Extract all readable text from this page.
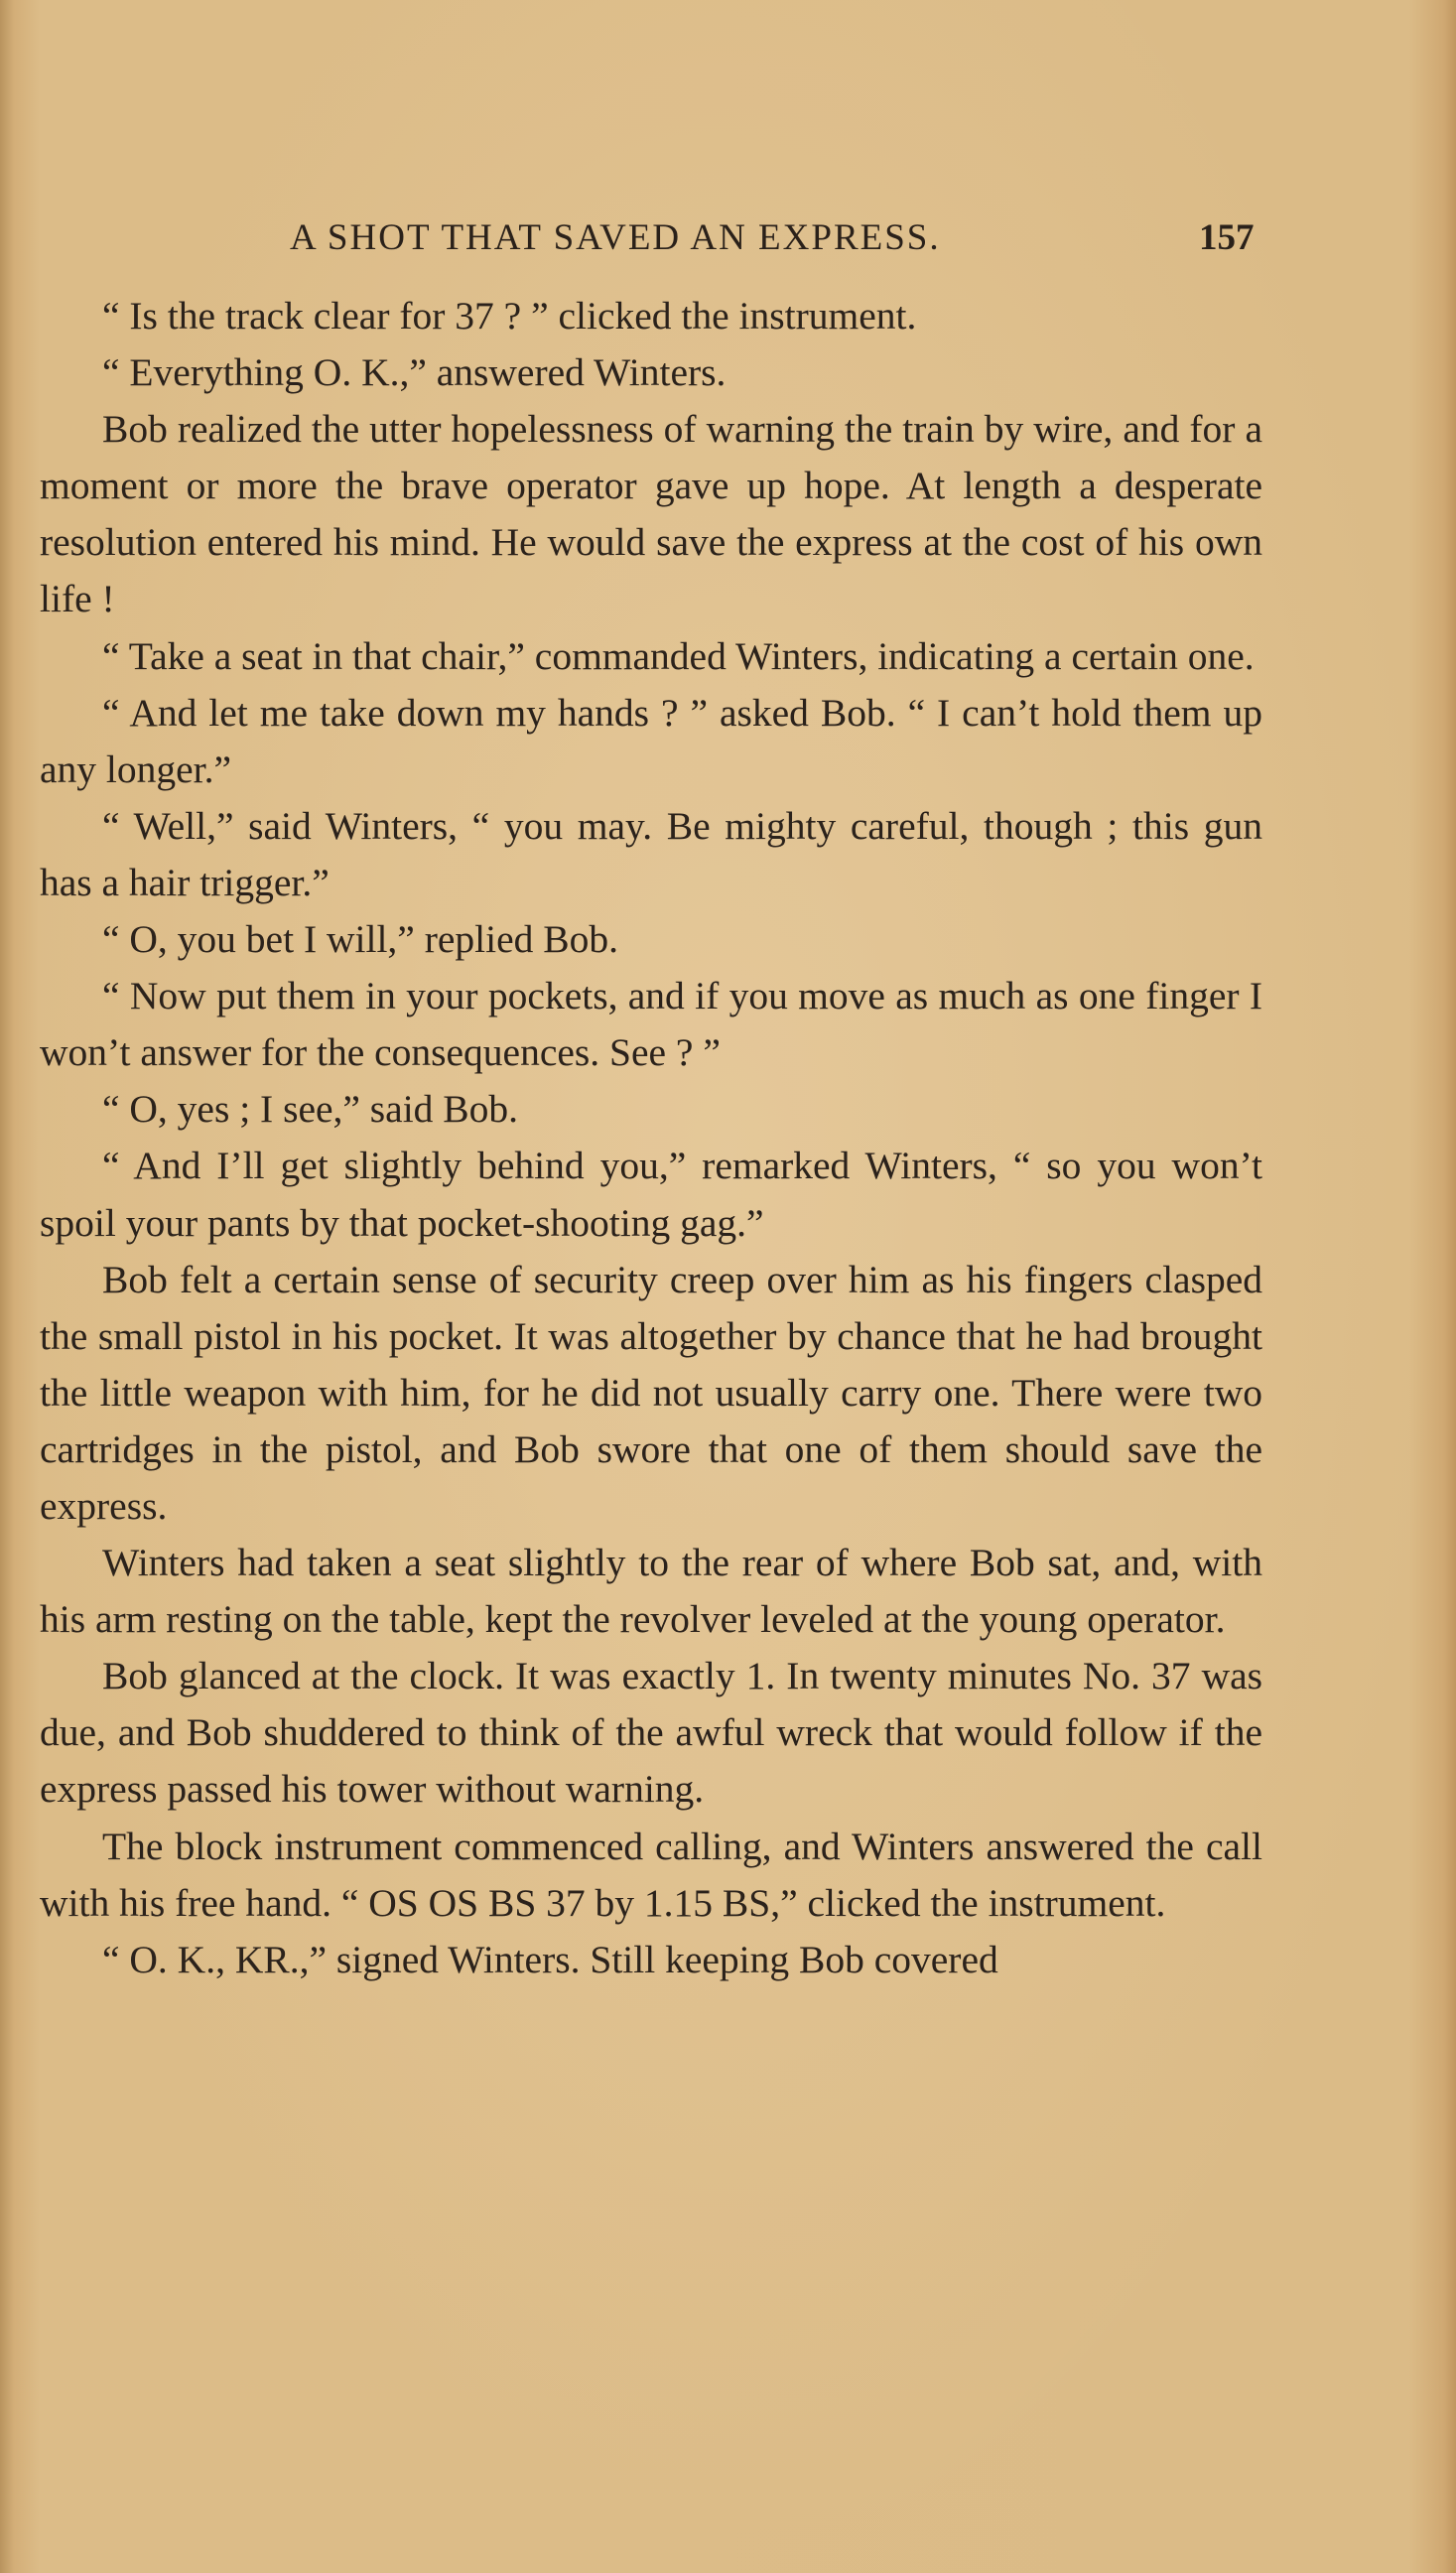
A SHOT THAT SAVED AN EXPRESS.	157

“ Is the track clear for 37 ? ” clicked the instrument.

“ Everything O. K.,” answered Winters.

Bob realized the utter hopelessness of warning the train by wire, and for a moment or more the brave operator gave up hope. At length a desperate resolution entered his mind. He would save the express at the cost of his own life !

“ Take a seat in that chair,” commanded Winters, indicating a certain one.

“ And let me take down my hands ? ” asked Bob. “ I can’t hold them up any longer.”

“ Well,” said Winters, “ you may. Be mighty careful, though ; this gun has a hair trigger.”

“ O, you bet I will,” replied Bob.

“ Now put them in your pockets, and if you move as much as one finger I won’t answer for the consequences. See ? ”

“ O, yes ; I see,” said Bob.

“ And I’ll get slightly behind you,” remarked Winters, “ so you won’t spoil your pants by that pocket-shooting gag.”

Bob felt a certain sense of security creep over him as his fingers clasped the small pistol in his pocket. It was altogether by chance that he had brought the little weapon with him, for he did not usually carry one. There were two cartridges in the pistol, and Bob swore that one of them should save the express.

Winters had taken a seat slightly to the rear of where Bob sat, and, with his arm resting on the table, kept the revolver leveled at the young operator.

Bob glanced at the clock. It was exactly 1. In twenty minutes No. 37 was due, and Bob shuddered to think of the awful wreck that would follow if the express passed his tower without warning.

The block instrument commenced calling, and Winters answered the call with his free hand. “ OS OS BS 37 by 1.15 BS,” clicked the instrument.

“ O. K., KR.,” signed Winters. Still keeping Bob covered
